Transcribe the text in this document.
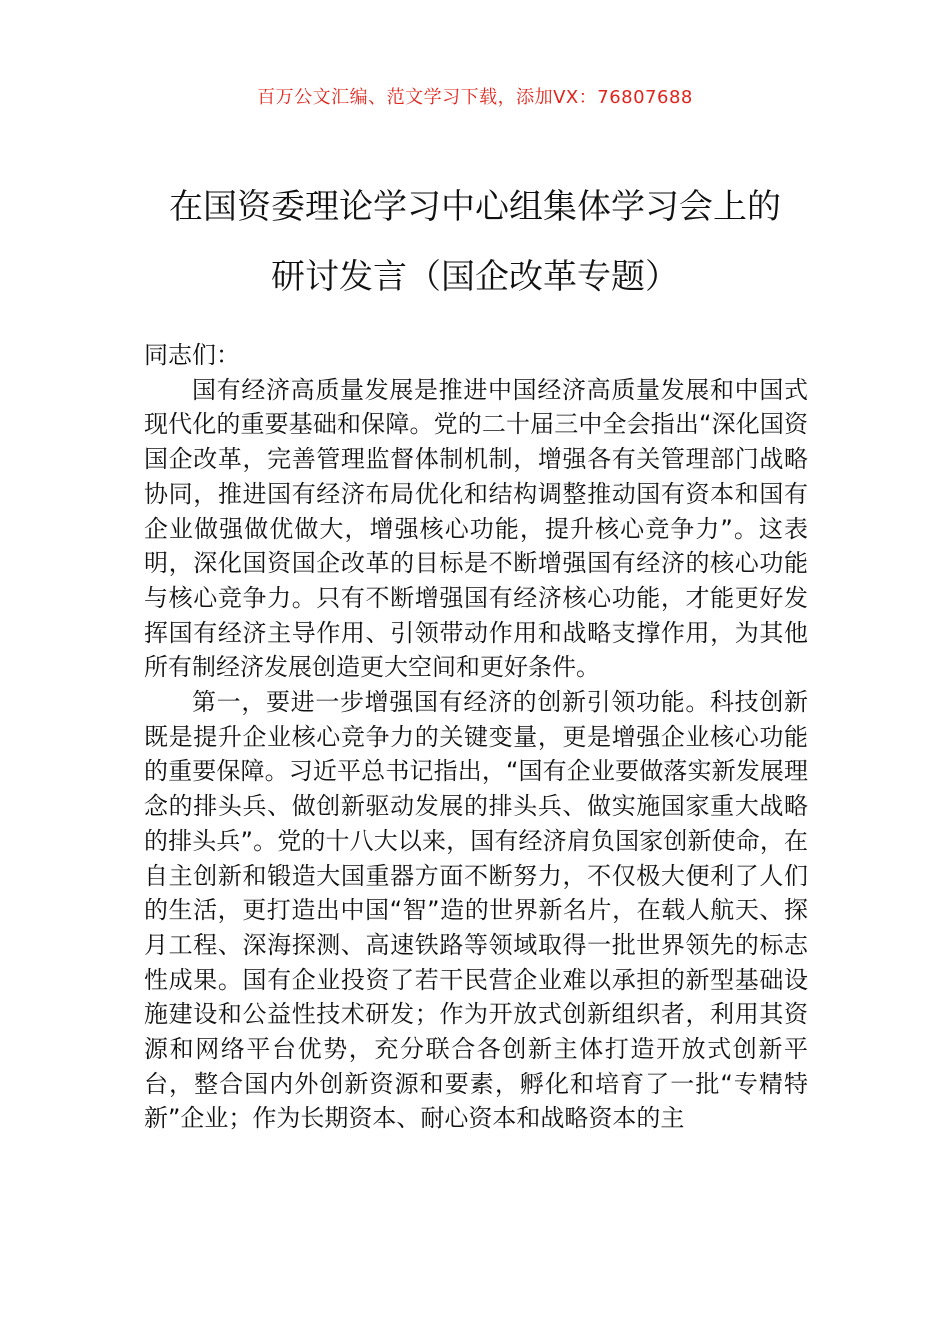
百万公文汇编、范文学习下载，添加VX：76807688
在国资委理论学习中心组集体学习会上的
研讨发言（国企改革专题）

同志们：

国有经济高质量发展是推进中国经济高质量发展和中国式现代化的重要基础和保障。党的二十届三中全会指出“深化国资国企改革，完善管理监督体制机制，增强各有关管理部门战略协同，推进国有经济布局优化和结构调整推动国有资本和国有企业做强做优做大，增强核心功能，提升核心竞争力”。这表明，深化国资国企改革的目标是不断增强国有经济的核心功能与核心竞争力。只有不断增强国有经济核心功能，才能更好发挥国有经济主导作用、引领带动作用和战略支撑作用，为其他所有制经济发展创造更大空间和更好条件。

第一，要进一步增强国有经济的创新引领功能。科技创新既是提升企业核心竞争力的关键变量，更是增强企业核心功能的重要保障。习近平总书记指出，“国有企业要做落实新发展理念的排头兵、做创新驱动发展的排头兵、做实施国家重大战略的排头兵”。党的十八大以来，国有经济肩负国家创新使命，在自主创新和锻造大国重器方面不断努力，不仅极大便利了人们的生活，更打造出中国“智”造的世界新名片，在载人航天、探月工程、深海探测、高速铁路等领域取得一批世界领先的标志性成果。国有企业投资了若干民营企业难以承担的新型基础设施建设和公益性技术研发；作为开放式创新组织者，利用其资源和网络平台优势，充分联合各创新主体打造开放式创新平台，整合国内外创新资源和要素，孵化和培育了一批“专精特新”企业；作为长期资本、耐心资本和战略资本的主
